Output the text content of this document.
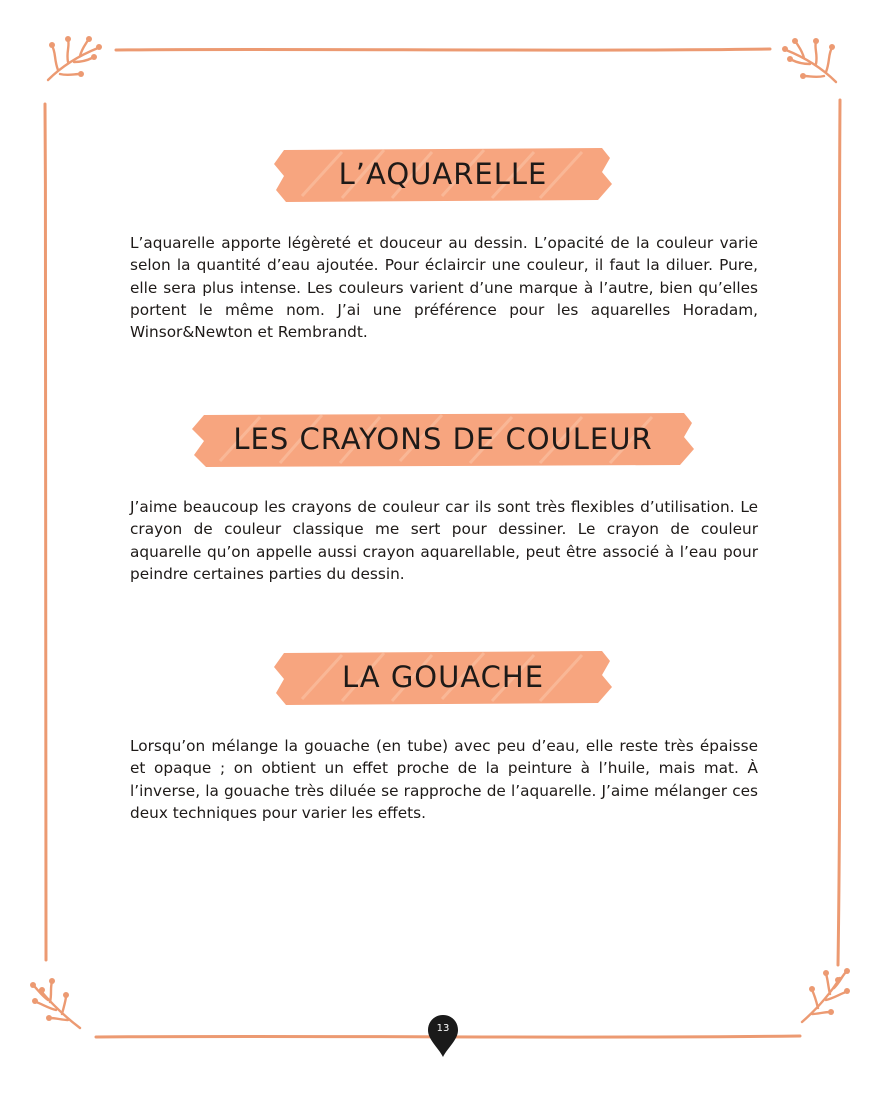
L’AQUARELLE

L’aquarelle apporte légèreté et douceur au dessin. L’opacité de la couleur varie selon la quantité d’eau ajoutée. Pour éclaircir une couleur, il faut la diluer. Pure, elle sera plus intense. Les couleurs varient d’une marque à l’autre, bien qu’elles portent le même nom. J’ai une préférence pour les aquarelles Horadam, Winsor&Newton et Rembrandt.

LES CRAYONS DE COULEUR

J’aime beaucoup les crayons de couleur car ils sont très flexibles d’utilisation. Le crayon de couleur classique me sert pour dessiner. Le crayon de couleur aquarelle qu’on appelle aussi crayon aquarellable, peut être associé à l’eau pour peindre certaines parties du dessin.

LA GOUACHE

Lorsqu’on mélange la gouache (en tube) avec peu d’eau, elle reste très épaisse et opaque ; on obtient un effet proche de la peinture à l’huile, mais mat. À l’inverse, la gouache très diluée se rapproche de l’aquarelle. J’aime mélanger ces deux techniques pour varier les effets.

13
